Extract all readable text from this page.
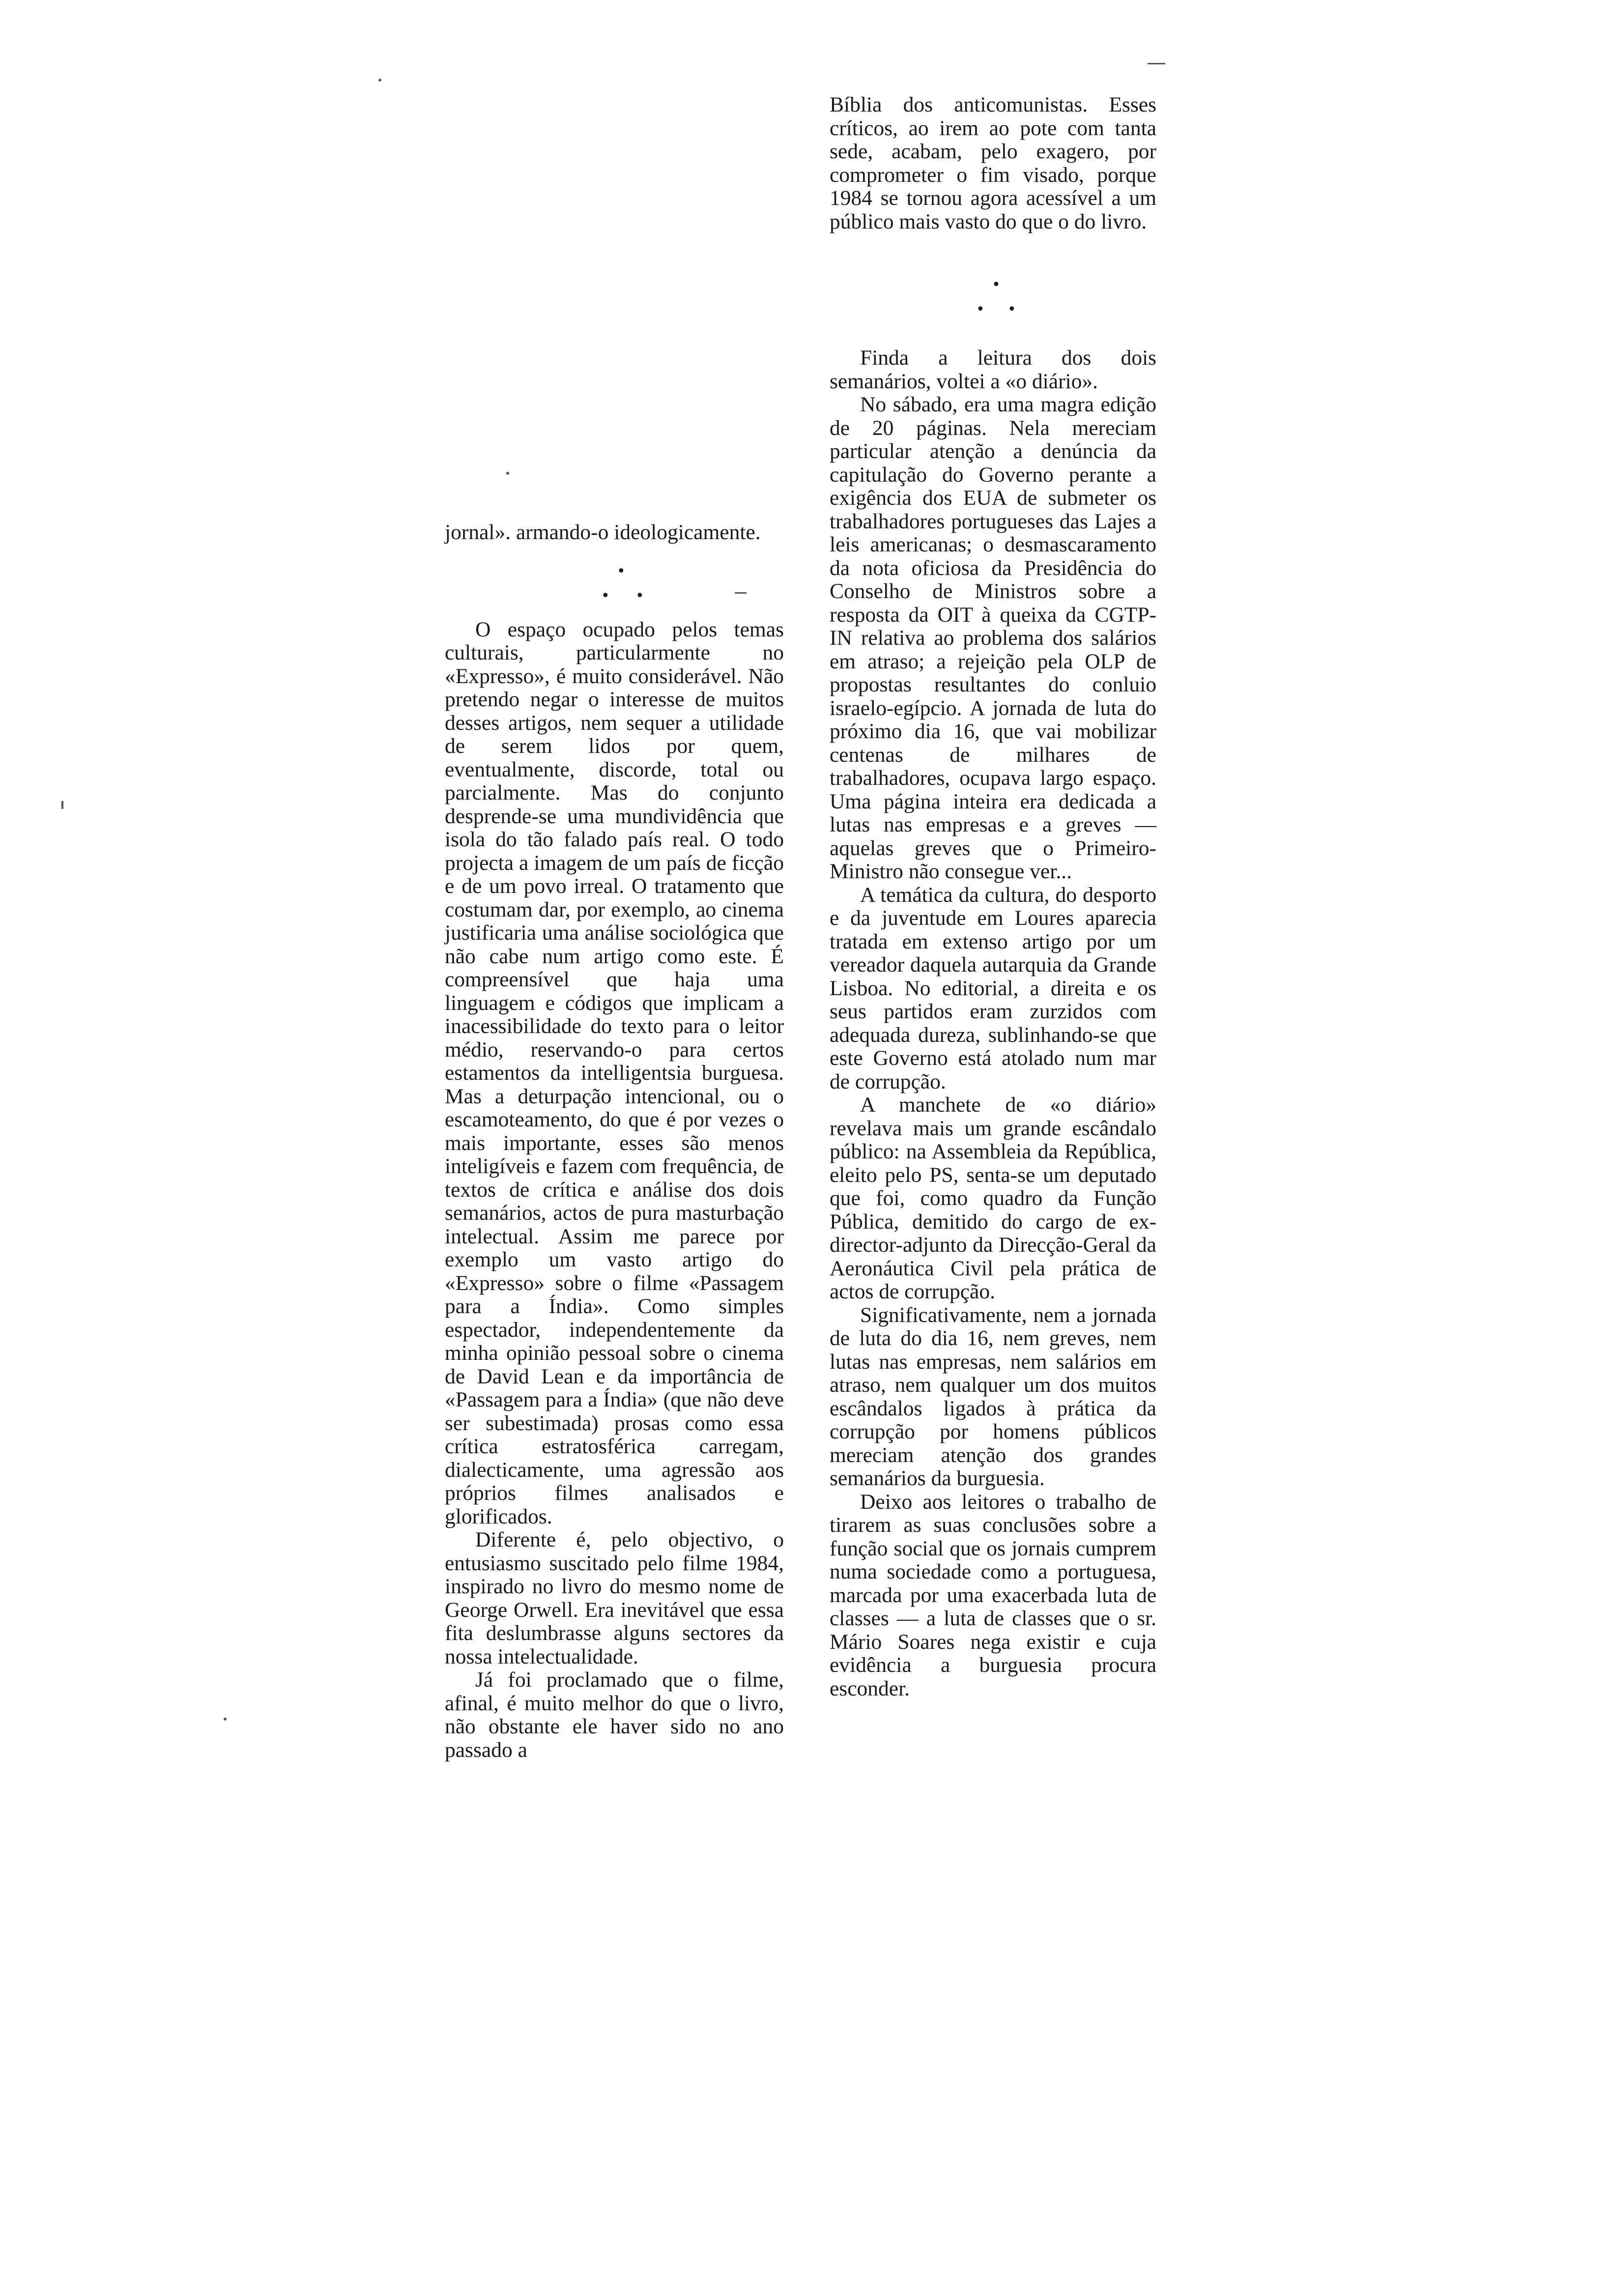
jornal». armando-o ideologicamente.

•
• •

O espaço ocupado pelos temas culturais, particularmente no «Expresso», é muito considerável. Não pretendo negar o interesse de muitos desses artigos, nem sequer a utilidade de serem lidos por quem, eventualmente, discorde, total ou parcialmente. Mas do conjunto desprende-se uma mundividência que isola do tão falado país real. O todo projecta a imagem de um país de ficção e de um povo irreal. O tratamento que costumam dar, por exemplo, ao cinema justificaria uma análise sociológica que não cabe num artigo como este. É compreensível que haja uma linguagem e códigos que implicam a inacessibilidade do texto para o leitor médio, reservando-o para certos estamentos da intelligentsia burguesa. Mas a deturpação intencional, ou o escamoteamento, do que é por vezes o mais importante, esses são menos inteligíveis e fazem com frequência, de textos de crítica e análise dos dois semanários, actos de pura masturbação intelectual. Assim me parece por exemplo um vasto artigo do «Expresso» sobre o filme «Passagem para a Índia». Como simples espectador, independentemente da minha opinião pessoal sobre o cinema de David Lean e da importância de «Passagem para a Índia» (que não deve ser subestimada) prosas como essa crítica estratosférica carregam, dialecticamente, uma agressão aos próprios filmes analisados e glorificados.

Diferente é, pelo objectivo, o entusiasmo suscitado pelo filme 1984, inspirado no livro do mesmo nome de George Orwell. Era inevitável que essa fita deslumbrasse alguns sectores da nossa intelectualidade.

Já foi proclamado que o filme, afinal, é muito melhor do que o livro, não obstante ele haver sido no ano passado a

Bíblia dos anticomunistas. Esses críticos, ao irem ao pote com tanta sede, acabam, pelo exagero, por comprometer o fim visado, porque 1984 se tornou agora acessível a um público mais vasto do que o do livro.

•
• •

Finda a leitura dos dois semanários, voltei a «o diário».

No sábado, era uma magra edição de 20 páginas. Nela mereciam particular atenção a denúncia da capitulação do Governo perante a exigência dos EUA de submeter os trabalhadores portugueses das Lajes a leis americanas; o desmascaramento da nota oficiosa da Presidência do Conselho de Ministros sobre a resposta da OIT à queixa da CGTP-IN relativa ao problema dos salários em atraso; a rejeição pela OLP de propostas resultantes do conluio israelo-egípcio. A jornada de luta do próximo dia 16, que vai mobilizar centenas de milhares de trabalhadores, ocupava largo espaço. Uma página inteira era dedicada a lutas nas empresas e a greves — aquelas greves que o Primeiro-Ministro não consegue ver...

A temática da cultura, do desporto e da juventude em Loures aparecia tratada em extenso artigo por um vereador daquela autarquia da Grande Lisboa. No editorial, a direita e os seus partidos eram zurzidos com adequada dureza, sublinhando-se que este Governo está atolado num mar de corrupção.

A manchete de «o diário» revelava mais um grande escândalo público: na Assembleia da República, eleito pelo PS, senta-se um deputado que foi, como quadro da Função Pública, demitido do cargo de ex-director-adjunto da Direcção-Geral da Aeronáutica Civil pela prática de actos de corrupção.

Significativamente, nem a jornada de luta do dia 16, nem greves, nem lutas nas empresas, nem salários em atraso, nem qualquer um dos muitos escândalos ligados à prática da corrupção por homens públicos mereciam atenção dos grandes semanários da burguesia.

Deixo aos leitores o trabalho de tirarem as suas conclusões sobre a função social que os jornais cumprem numa sociedade como a portuguesa, marcada por uma exacerbada luta de classes — a luta de classes que o sr. Mário Soares nega existir e cuja evidência a burguesia procura esconder.
